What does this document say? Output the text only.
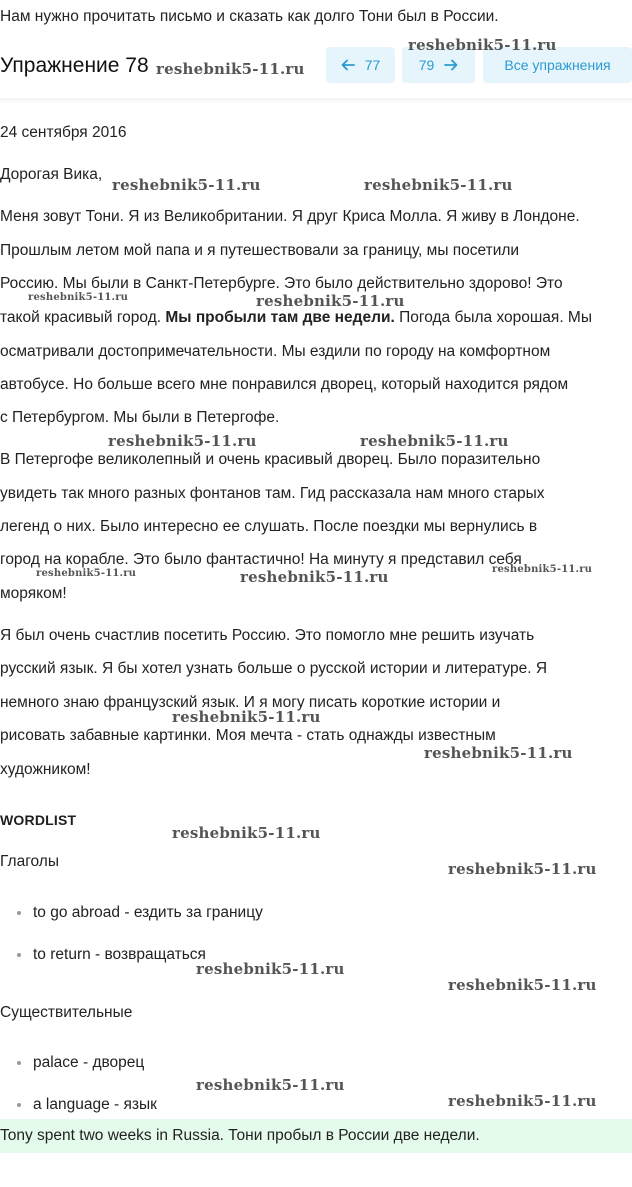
Нам нужно прочитать письмо и сказать как долго Тони был в России.
Упражнение 78	77	79	Все упражнения
24 сентября 2016
Дорогая Вика,
Меня зовут Тони. Я из Великобритании. Я друг Криса Молла. Я живу в Лондоне.
Прошлым летом мой папа и я путешествовали за границу, мы посетили
Россию. Мы были в Санкт-Петербурге. Это было действительно здорово! Это
такой красивый город. Мы пробыли там две недели. Погода была хорошая. Мы
осматривали достопримечательности. Мы ездили по городу на комфортном
автобусе. Но больше всего мне понравился дворец, который находится рядом
с Петербургом. Мы были в Петергофе.
В Петергофе великолепный и очень красивый дворец. Было поразительно
увидеть так много разных фонтанов там. Гид рассказала нам много старых
легенд о них. Было интересно ее слушать. После поездки мы вернулись в
город на корабле. Это было фантастично! На минуту я представил себя
моряком!
Я был очень счастлив посетить Россию. Это помогло мне решить изучать
русский язык. Я бы хотел узнать больше о русской истории и литературе. Я
немного знаю французский язык. И я могу писать короткие истории и
рисовать забавные картинки. Моя мечта - стать однажды известным
художником!
WORDLIST
Глаголы
to go abroad - ездить за границу
to return - возвращаться
Существительные
palace - дворец
a language - язык
Tony spent two weeks in Russia. Тони пробыл в России две недели.
reshebnik5-11.ru
reshebnik5-11.ru
reshebnik5-11.ru	reshebnik5-11.ru
reshebnik5-11.ru	reshebnik5-11.ru
reshebnik5-11.ru	reshebnik5-11.ru
reshebnik5-11.ru	reshebnik5-11.ru	reshebnik5-11.ru
reshebnik5-11.ru
reshebnik5-11.ru
reshebnik5-11.ru
reshebnik5-11.ru
reshebnik5-11.ru
reshebnik5-11.ru
reshebnik5-11.ru
reshebnik5-11.ru
